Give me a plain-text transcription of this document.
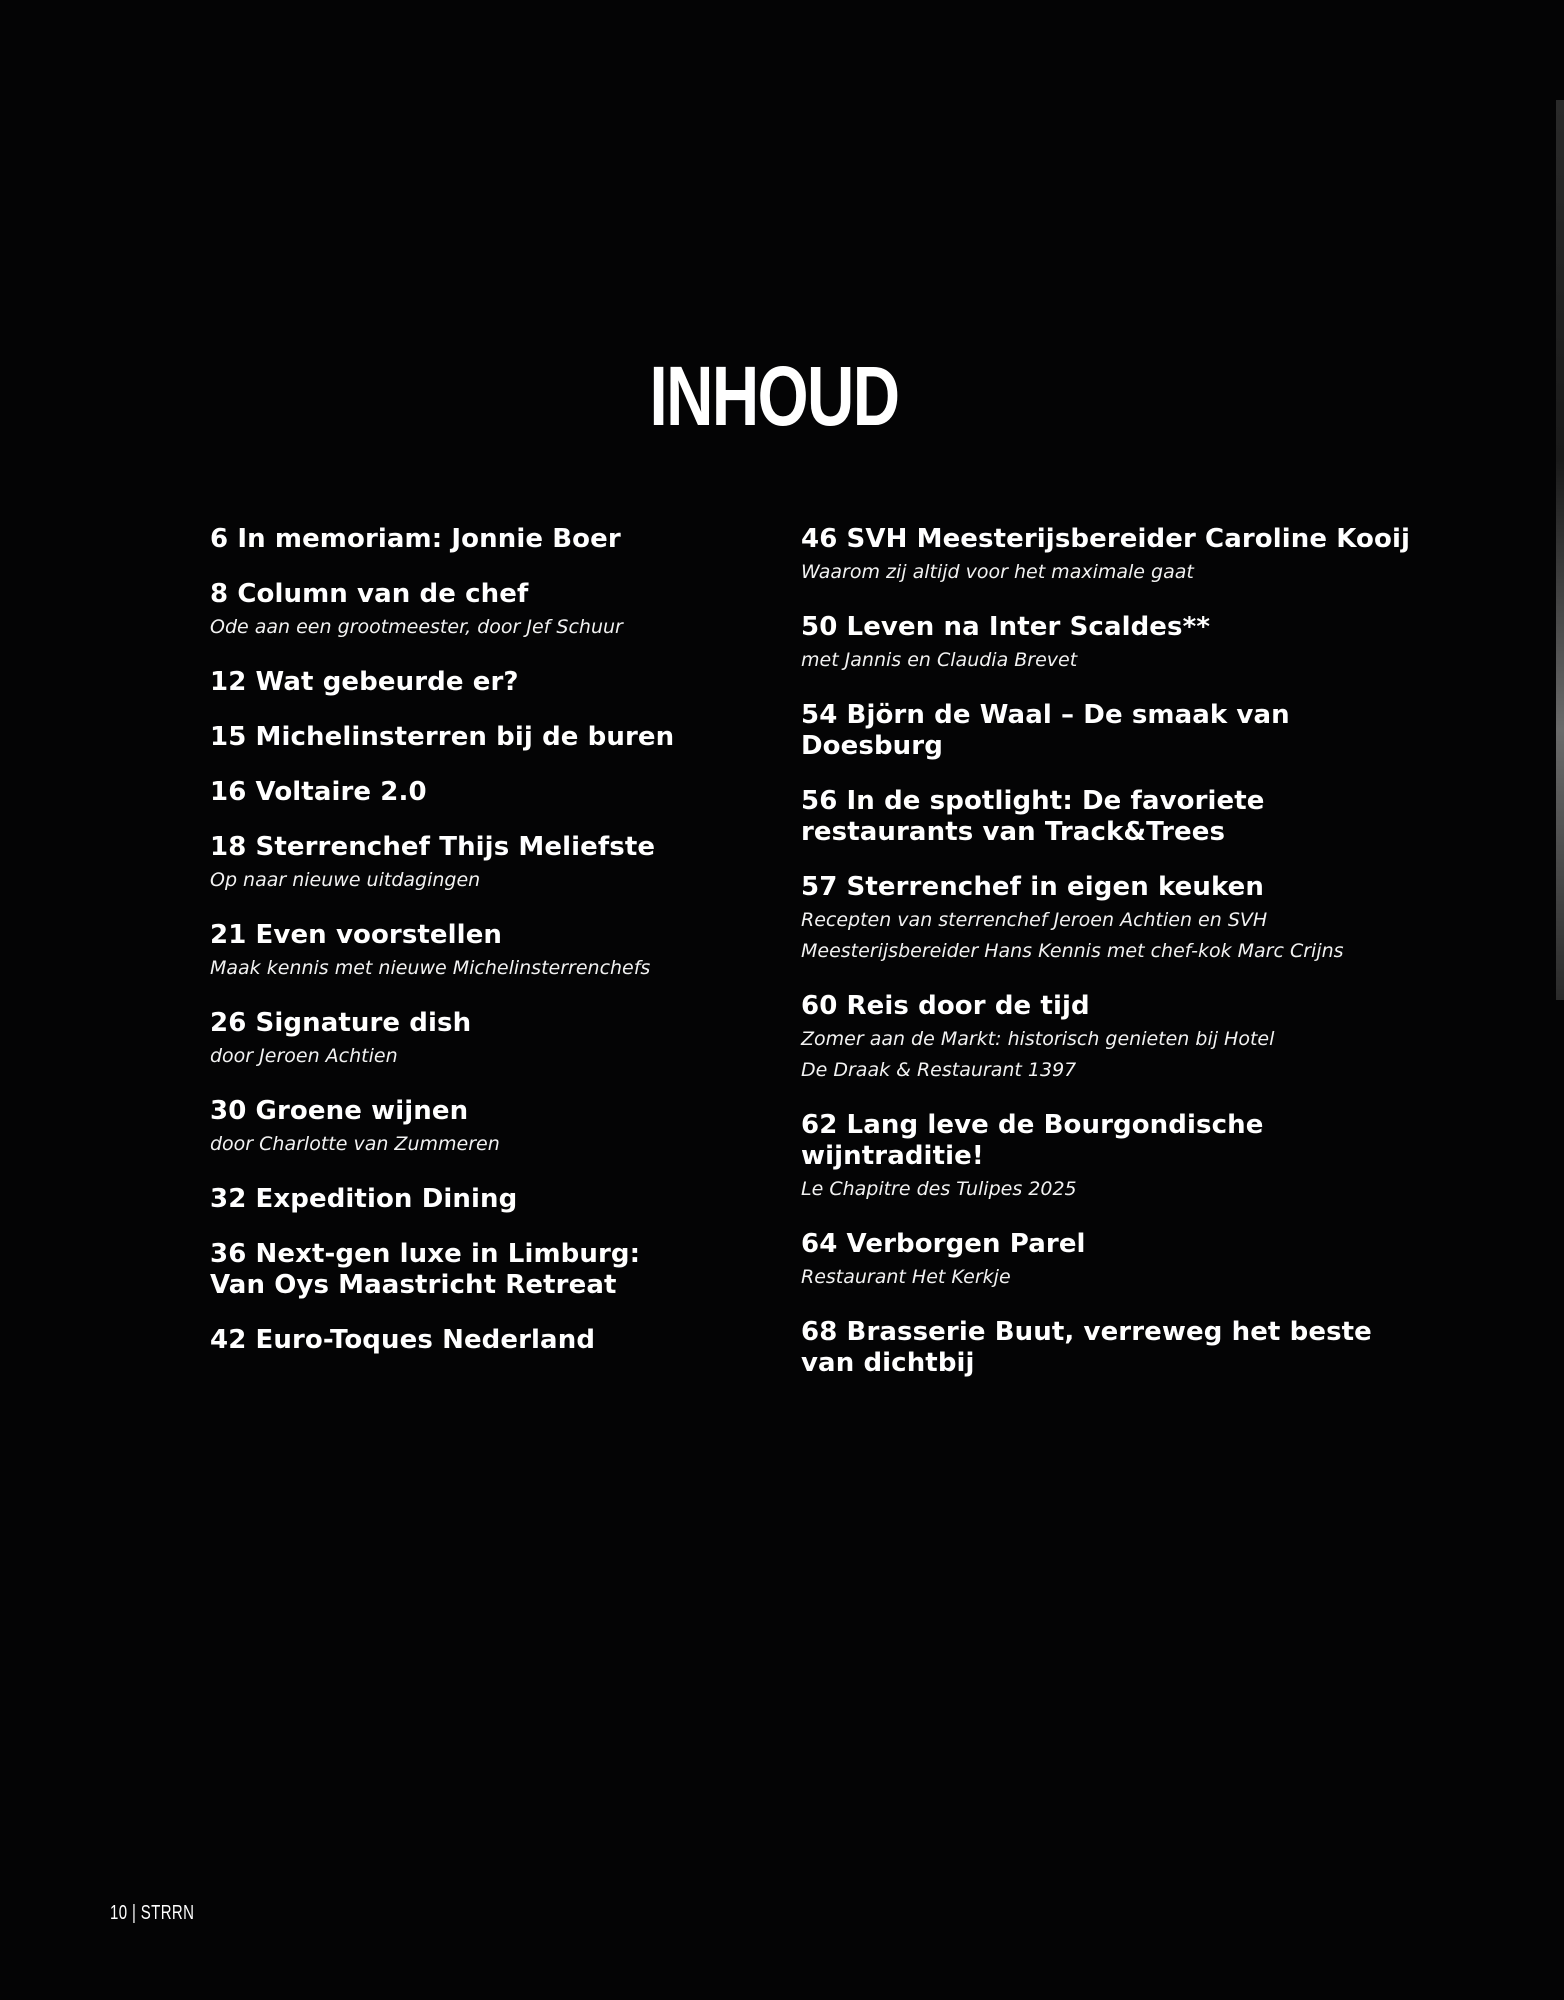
INHOUD
6 In memoriam: Jonnie Boer
8 Column van de chef
Ode aan een grootmeester, door Jef Schuur
12 Wat gebeurde er?
15 Michelinsterren bij de buren
16 Voltaire 2.0
18 Sterrenchef Thijs Meliefste
Op naar nieuwe uitdagingen
21 Even voorstellen
Maak kennis met nieuwe Michelinsterrenchefs
26 Signature dish
door Jeroen Achtien
30 Groene wijnen
door Charlotte van Zummeren
32 Expedition Dining
36 Next-gen luxe in Limburg:
Van Oys Maastricht Retreat
42 Euro-Toques Nederland
46 SVH Meesterijsbereider Caroline Kooij
Waarom zij altijd voor het maximale gaat
50 Leven na Inter Scaldes**
met Jannis en Claudia Brevet
54 Björn de Waal – De smaak van
Doesburg
56 In de spotlight: De favoriete
restaurants van Track&Trees
57 Sterrenchef in eigen keuken
Recepten van sterrenchef Jeroen Achtien en SVH
Meesterijsbereider Hans Kennis met chef-kok Marc Crijns
60 Reis door de tijd
Zomer aan de Markt: historisch genieten bij Hotel
De Draak & Restaurant 1397
62 Lang leve de Bourgondische
wijntraditie!
Le Chapitre des Tulipes 2025
64 Verborgen Parel
Restaurant Het Kerkje
68 Brasserie Buut, verreweg het beste
van dichtbij
10 | STRRN
